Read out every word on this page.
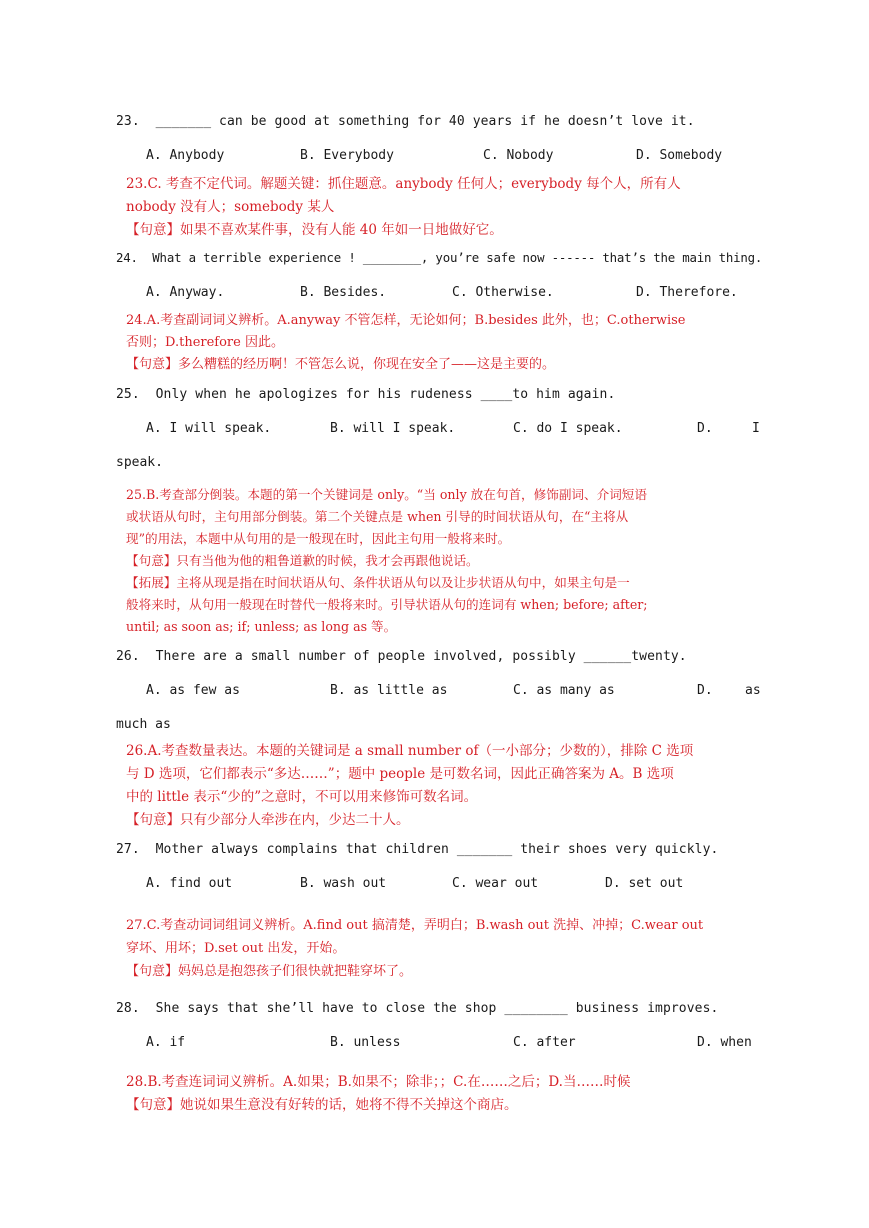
23.  _______ can be good at something for 40 years if he doesn’t love it.
A. Anybody	B. Everybody	C. Nobody	D. Somebody
23.C. 考查不定代词。解题关键：抓住题意。anybody 任何人；everybody 每个人，所有人
nobody 没有人；somebody 某人
【句意】如果不喜欢某件事，没有人能 40 年如一日地做好它。
24.  What a terrible experience ! ________, you’re safe now ------ that’s the main thing.
A. Anyway.	B. Besides.	C. Otherwise.	D. Therefore.
24.A.考查副词词义辨析。A.anyway 不管怎样，无论如何；B.besides 此外，也；C.otherwise
否则；D.therefore 因此。
【句意】多么糟糕的经历啊！不管怎么说，你现在安全了——这是主要的。
25.  Only when he apologizes for his rudeness ____to him again.
A. I will speak.	B. will I speak.	C. do I speak.	D.	I
speak.
25.B.考查部分倒装。本题的第一个关键词是 only。“当 only 放在句首，修饰副词、介词短语
或状语从句时，主句用部分倒装。第二个关键点是 when 引导的时间状语从句，在“主将从
现”的用法，本题中从句用的是一般现在时，因此主句用一般将来时。
【句意】只有当他为他的粗鲁道歉的时候，我才会再跟他说话。
【拓展】主将从现是指在时间状语从句、条件状语从句以及让步状语从句中，如果主句是一
般将来时，从句用一般现在时替代一般将来时。引导状语从句的连词有 when; before; after;
until; as soon as; if; unless; as long as 等。
26.  There are a small number of people involved, possibly ______twenty.
A. as few as	B. as little as	C. as many as	D. as
much as
26.A.考查数量表达。本题的关键词是 a small number of（一小部分；少数的），排除 C 选项
与 D 选项，它们都表示“多达……”；题中 people 是可数名词，因此正确答案为 A。B 选项
中的 little 表示“少的”之意时，不可以用来修饰可数名词。
【句意】只有少部分人牵涉在内，少达二十人。
27.  Mother always complains that children _______ their shoes very quickly.
A. find out	B. wash out	C. wear out	D. set out
27.C.考查动词词组词义辨析。A.find out 搞清楚，弄明白；B.wash out 洗掉、冲掉；C.wear out
穿坏、用坏；D.set out 出发，开始。
【句意】妈妈总是抱怨孩子们很快就把鞋穿坏了。
28.  She says that she’ll have to close the shop ________ business improves.
A. if	B. unless	C. after	D. when
28.B.考查连词词义辨析。A.如果；B.如果不；除非；；C.在……之后；D.当……时候
【句意】她说如果生意没有好转的话，她将不得不关掉这个商店。
